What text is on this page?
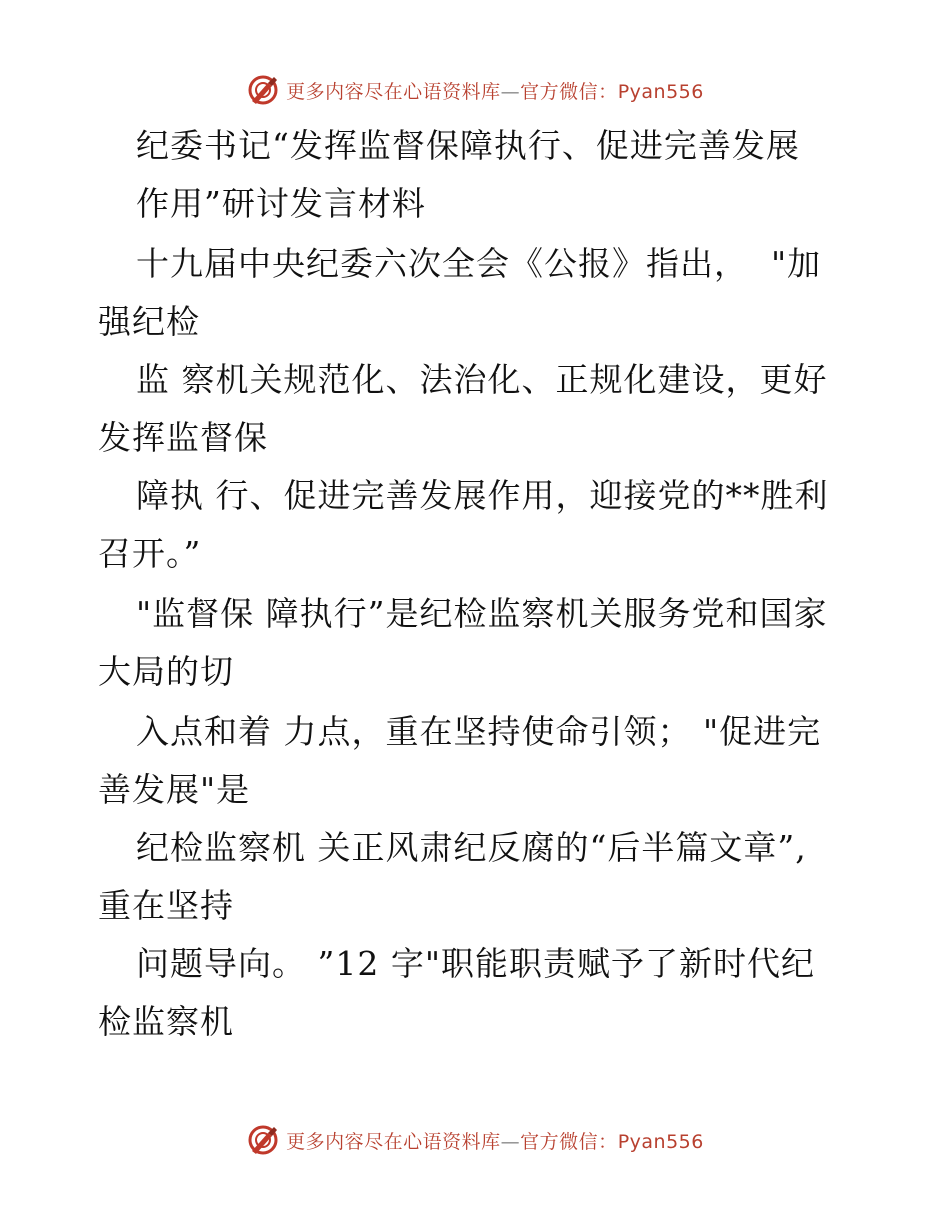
更多内容尽在心语资料库—官方微信：Pyan556
纪委书记“发挥监督保障执行、促进完善发展
作用”研讨发言材料
十九届中央纪委六次全会《公报》指出，  "加
强纪检
监 察机关规范化、法治化、正规化建设，更好
发挥监督保
障执 行、促进完善发展作用，迎接党的**胜利
召开。”
"监督保 障执行”是纪检监察机关服务党和国家
大局的切
入点和着 力点，重在坚持使命引领； "促进完
善发展"是
纪检监察机 关正风肃纪反腐的“后半篇文章”,
重在坚持
问题导向。 ”12 字"职能职责赋予了新时代纪
检监察机
更多内容尽在心语资料库—官方微信：Pyan556
